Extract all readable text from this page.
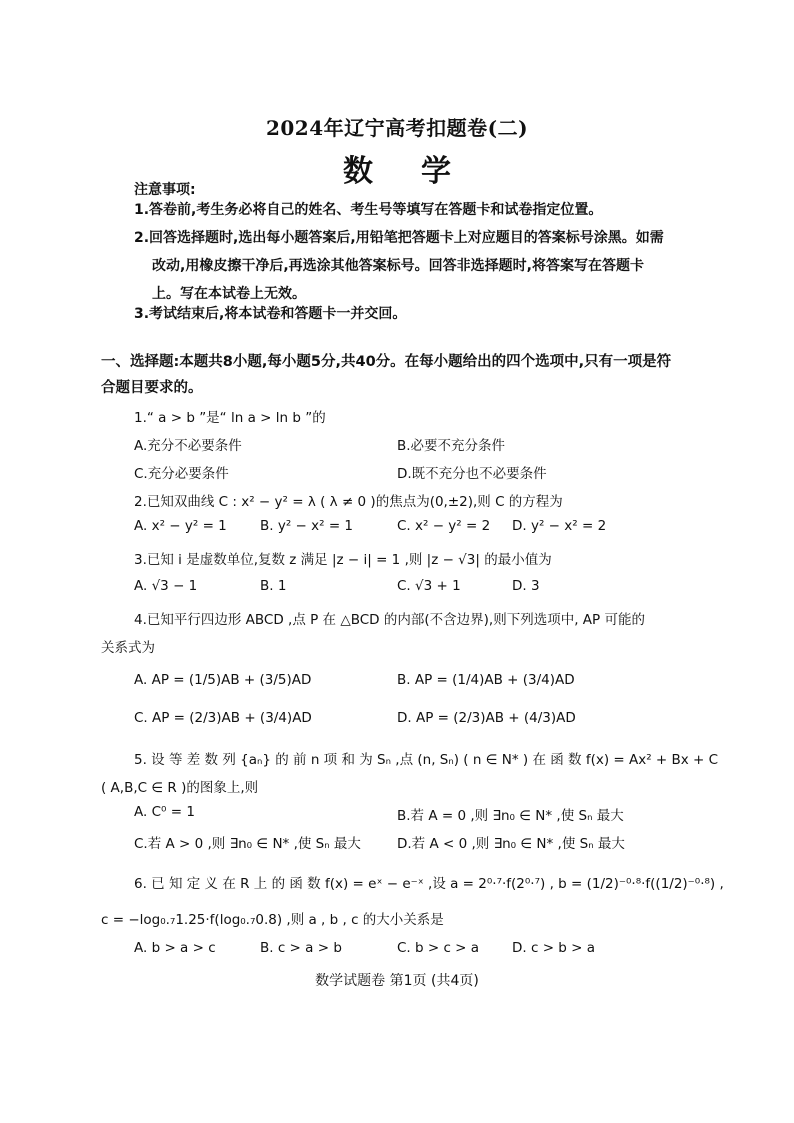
2024年辽宁高考扣题卷(二)
数学
注意事项:
1.答卷前,考生务必将自己的姓名、考生号等填写在答题卡和试卷指定位置。
2.回答选择题时,选出每小题答案后,用铅笔把答题卡上对应题目的答案标号涂黑。如需
改动,用橡皮擦干净后,再选涂其他答案标号。回答非选择题时,将答案写在答题卡
上。写在本试卷上无效。
3.考试结束后,将本试卷和答题卡一并交回。
一、选择题:本题共8小题,每小题5分,共40分。在每小题给出的四个选项中,只有一项是符
合题目要求的。
1.“ a > b ”是“ ln a > ln b ”的
A.充分不必要条件	B.必要不充分条件
C.充分必要条件	D.既不充分也不必要条件
2.已知双曲线 C : x² − y² = λ ( λ ≠ 0 )的焦点为(0,±2),则 C 的方程为
A. x² − y² = 1 B. y² − x² = 1	C. x² − y² = 2 D. y² − x² = 2
3.已知 i 是虚数单位,复数 z 满足 |z − i| = 1 ,则 |z − √3| 的最小值为
A. √3 − 1	B. 1	C. √3 + 1	D. 3
4.已知平行四边形 ABCD ,点 P 在 △BCD 的内部(不含边界),则下列选项中, AP 可能的
关系式为
A. AP = (1/5)AB + (3/5)AD	B. AP = (1/4)AB + (3/4)AD
C. AP = (2/3)AB + (3/4)AD	D. AP = (2/3)AB + (4/3)AD
5. 设 等 差 数 列 {aₙ} 的 前 n 项 和 为 Sₙ ,点 (n, Sₙ) ( n ∈ N* ) 在 函 数 f(x) = Ax² + Bx + C
( A,B,C ∈ R )的图象上,则
A. C⁰ = 1	B.若 A = 0 ,则 ∃n₀ ∈ N* ,使 Sₙ 最大
C.若 A > 0 ,则 ∃n₀ ∈ N* ,使 Sₙ 最大	D.若 A < 0 ,则 ∃n₀ ∈ N* ,使 Sₙ 最大
6. 已 知 定 义 在 R 上 的 函 数 f(x) = eˣ − e⁻ˣ ,设 a = 2⁰·⁷·f(2⁰·⁷) , b = (1/2)⁻⁰·⁸·f((1/2)⁻⁰·⁸) ,
c = −log₀.₇1.25·f(log₀.₇0.8) ,则 a , b , c 的大小关系是
A. b > a > c	B. c > a > b	C. b > c > a D. c > b > a
数学试题卷 第1页 (共4页)
